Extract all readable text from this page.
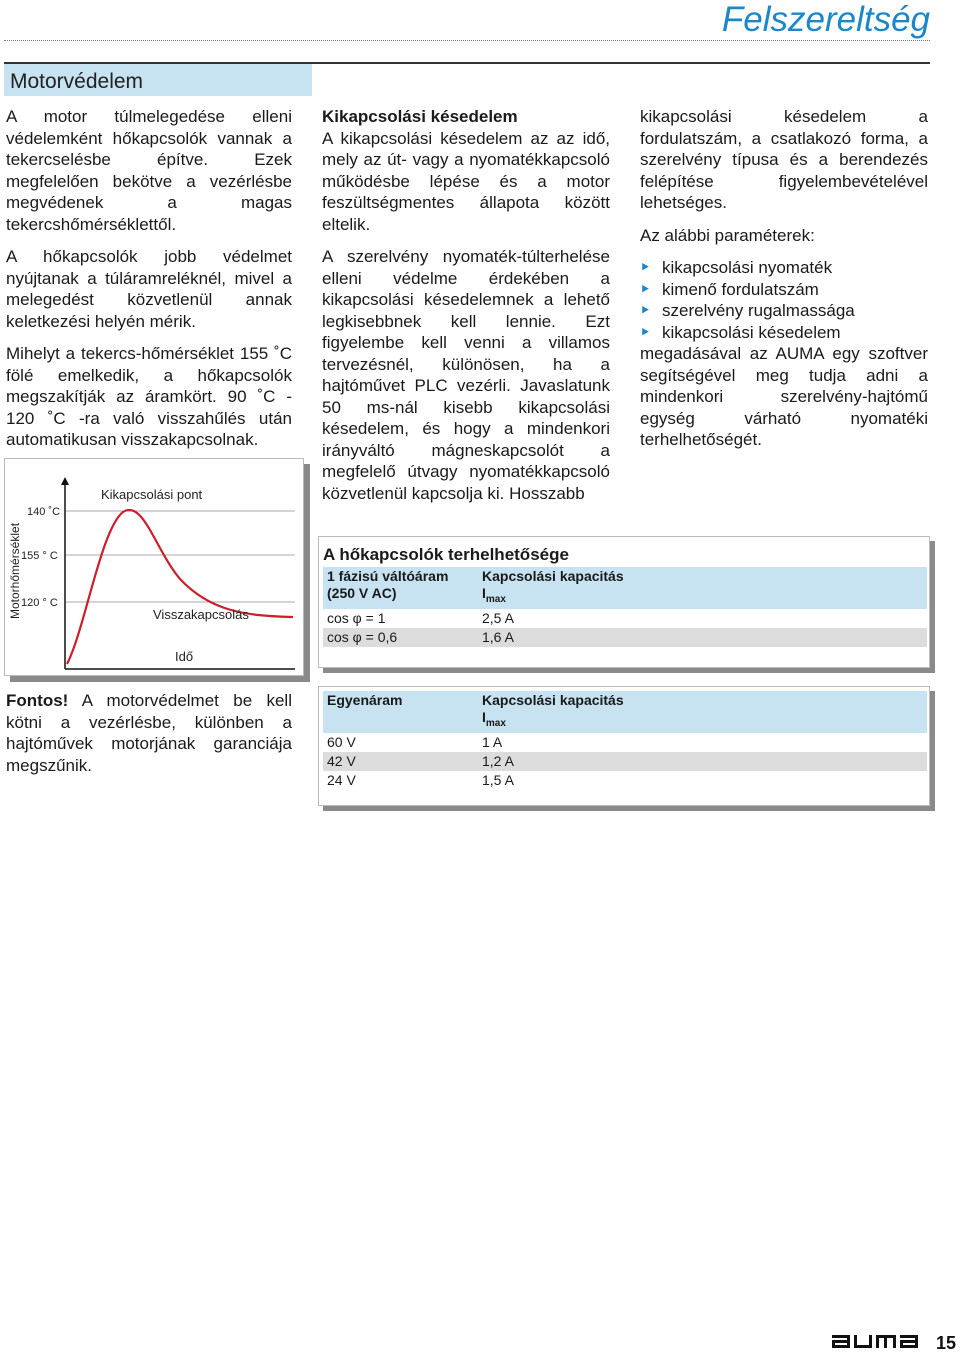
Felszereltség
Motorvédelem

A motor túlmelegedése elleni védelemként hőkapcsolók vannak a tekercselésbe építve. Ezek megfelelően bekötve a vezérlésbe megvédenek a magas tekercshőmérséklettől.

A hőkapcsolók jobb védelmet nyújtanak a túláramreléknél, mivel a melegedést közvetlenül annak keletkezési helyén mérik.

Mihelyt a tekercs-hőmérséklet 155 ˚C fölé emelkedik, a hőkapcsolók megszakítják az áramkört. 90 ˚C - 120 ˚C -ra való visszahűlés után automatikusan visszakapcsolnak.

Motorhőmérséklet
140 ˚C
155 ° C
120 ° C
Kikapcsolási pont
Visszakapcsolás
Idő
Fontos! A motorvédelmet be kell kötni a vezérlésbe, különben a hajtóművek motorjának garanciája megszűnik.
Kikapcsolási késedelem

A kikapcsolási késedelem az az idő, mely az út- vagy a nyomatékkapcsoló működésbe lépése és a motor feszültségmentes állapota között eltelik.

A szerelvény nyomaték-túlterhelése elleni védelme érdekében a kikapcsolási késedelemnek a lehető legkisebbnek kell lennie. Ezt figyelembe kell venni a villamos tervezésnél, különösen, ha a hajtóművet PLC vezérli. Javaslatunk 50 ms-nál kisebb kikapcsolási késedelem, és hogy a mindenkori irányváltó mágneskapcsolót a megfelelő útvagy nyomatékkapcsoló közvetlenül kapcsolja ki. Hosszabb

kikapcsolási késedelem a fordulatszám, a csatlakozó forma, a szerelvény típusa és a berendezés felépítése figyelembevételével lehetséges.

Az alábbi paraméterek:

‣ kikapcsolási nyomaték
‣ kimenő fordulatszám
‣ szerelvény rugalmassága
‣ kikapcsolási késedelem

megadásával az AUMA egy szoftver segítségével meg tudja adni a mindenkori szerelvény-hajtómű egység várható nyomatéki terhelhetőségét.

A hőkapcsolók terhelhetősége
1 fázisú váltóáram (250 V AC)	Kapcsolási kapacitás
$I_{max}$	
cos φ = 1	2,5 A	
cos φ = 0,6	1,6 A	
Egyenáram	Kapcsolási kapacitás
$I_{max}$	
60 V	1 A	
42 V	1,2 A	
24 V	1,5 A	
15
